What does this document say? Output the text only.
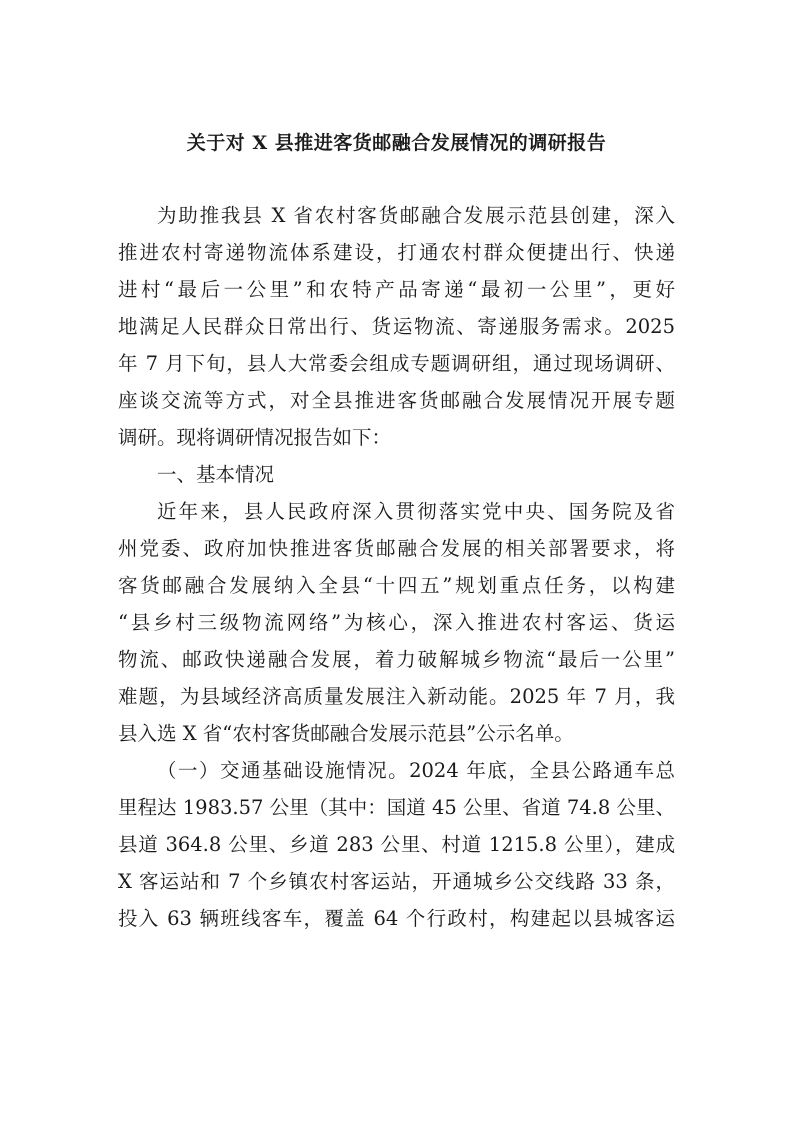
关于对 X 县推进客货邮融合发展情况的调研报告
为助推我县 X 省农村客货邮融合发展示范县创建，深入
推进农村寄递物流体系建设，打通农村群众便捷出行、快递
进村“最后一公里”和农特产品寄递“最初一公里”，更好
地满足人民群众日常出行、货运物流、寄递服务需求。2025
年 7 月下旬，县人大常委会组成专题调研组，通过现场调研、
座谈交流等方式，对全县推进客货邮融合发展情况开展专题
调研。现将调研情况报告如下：
一、基本情况
近年来，县人民政府深入贯彻落实党中央、国务院及省
州党委、政府加快推进客货邮融合发展的相关部署要求，将
客货邮融合发展纳入全县“十四五”规划重点任务，以构建
“县乡村三级物流网络”为核心，深入推进农村客运、货运
物流、邮政快递融合发展，着力破解城乡物流“最后一公里”
难题，为县域经济高质量发展注入新动能。2025 年 7 月，我
县入选 X 省“农村客货邮融合发展示范县”公示名单。
（一）交通基础设施情况。2024 年底，全县公路通车总
里程达 1983.57 公里（其中：国道 45 公里、省道 74.8 公里、
县道 364.8 公里、乡道 283 公里、村道 1215.8 公里），建成
X 客运站和 7 个乡镇农村客运站，开通城乡公交线路 33 条，
投入 63 辆班线客车，覆盖 64 个行政村，构建起以县城客运
